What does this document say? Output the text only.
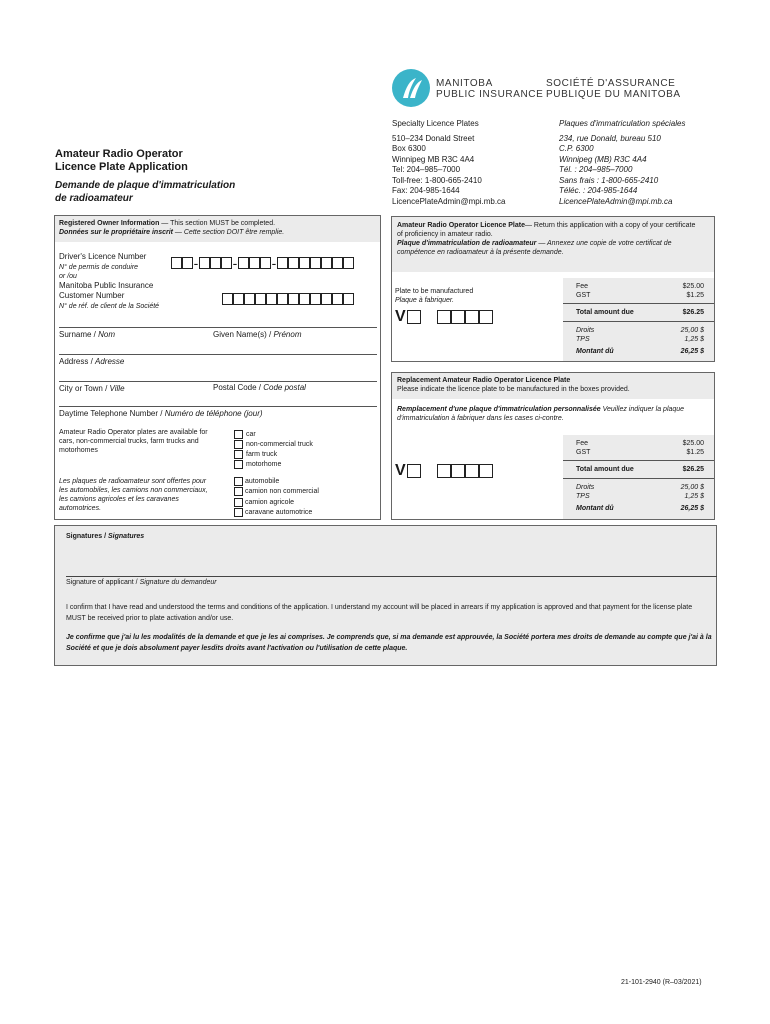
MANITOBA
PUBLIC INSURANCE
SOCIÉTÉ D'ASSURANCE
PUBLIQUE DU MANITOBA
Specialty Licence Plates
510–234 Donald Street
Box 6300
Winnipeg MB R3C 4A4
Tel: 204–985–7000
Toll-free: 1-800-665-2410
Fax: 204-985-1644
LicencePlateAdmin@mpi.mb.ca
Plaques d'immatriculation spéciales
234, rue Donald, bureau 510
C.P. 6300
Winnipeg (MB) R3C 4A4
Tél. : 204–985–7000
Sans frais : 1-800-665-2410
Téléc. : 204-985-1644
LicencePlateAdmin@mpi.mb.ca
Amateur Radio Operator
Licence Plate Application
Demande de plaque d'immatriculation
de radioamateur
Registered Owner Information — This section MUST be completed.
Données sur le propriétaire inscrit — Cette section DOIT être remplie.
Driver's Licence Number
N° de permis de conduire
or /ou
Manitoba Public Insurance
Customer Number
N° de réf. de client de la Société
- - -
Surname / Nom	Given Name(s) / Prénom
Address / Adresse
City or Town / Ville	Postal Code / Code postal
Daytime Telephone Number / Numéro de téléphone (jour)
Amateur Radio Operator plates are available for cars, non-commercial trucks, farm trucks and motorhomes
Les plaques de radioamateur sont offertes pour les automobiles, les camions non commerciaux, les camions agricoles et les caravanes automotrices.
car
non-commercial truck
farm truck
motorhome
automobile
camion non commercial
camion agricole
caravane automotrice
Amateur Radio Operator Licence Plate— Return this application with a copy of your certificate of proficiency in amateur radio.
Plaque d'immatriculation de radioamateur — Annexez une copie de votre certificat de compétence en radioamateur à la présente demande.
Plate to be manufactured
Plaque à fabriquer.
V
Fee	$25.00
GST	$1.25
Total amount due	$26.25
Droits	25,00 $
TPS	1,25 $
Montant dû	26,25 $
Replacement Amateur Radio Operator Licence Plate
Please indicate the licence plate to be manufactured in the boxes provided.
Remplacement d'une plaque d'immatriculation personnalisée Veuillez indiquer la plaque d'immatriculation à fabriquer dans les cases ci-contre.
V
Fee	$25.00
GST	$1.25
Total amount due	$26.25
Droits	25,00 $
TPS	1,25 $
Montant dû	26,25 $
Signatures / Signatures
Signature of applicant / Signature du demandeur
I confirm that I have read and understood the terms and conditions of the application. I understand my account will be placed in arrears if my application is approved and that payment for the license plate MUST be received prior to plate activation and/or use.
Je confirme que j'ai lu les modalités de la demande et que je les ai comprises. Je comprends que, si ma demande est approuvée, la Société portera mes droits de demande au compte que j'ai à la Société et que je dois absolument payer lesdits droits avant l'activation ou l'utilisation de cette plaque.
21-101-2940 (R–03/2021)
